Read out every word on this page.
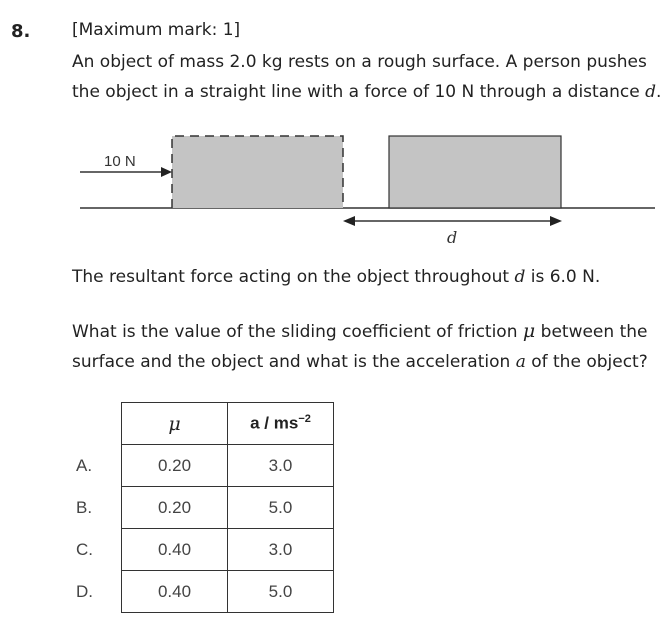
8. [Maximum mark: 1]
An object of mass 2.0 kg rests on a rough surface. A person pushes the object in a straight line with a force of 10 N through a distance d.
10 N
d
The resultant force acting on the object throughout d is 6.0 N.
What is the value of the sliding coefficient of friction μ between the surface and the object and what is the acceleration a of the object?
	μ	a / $ms^{-2}$
A.	0.20	3.0
B.	0.20	5.0
C.	0.40	3.0
D.	0.40	5.0
